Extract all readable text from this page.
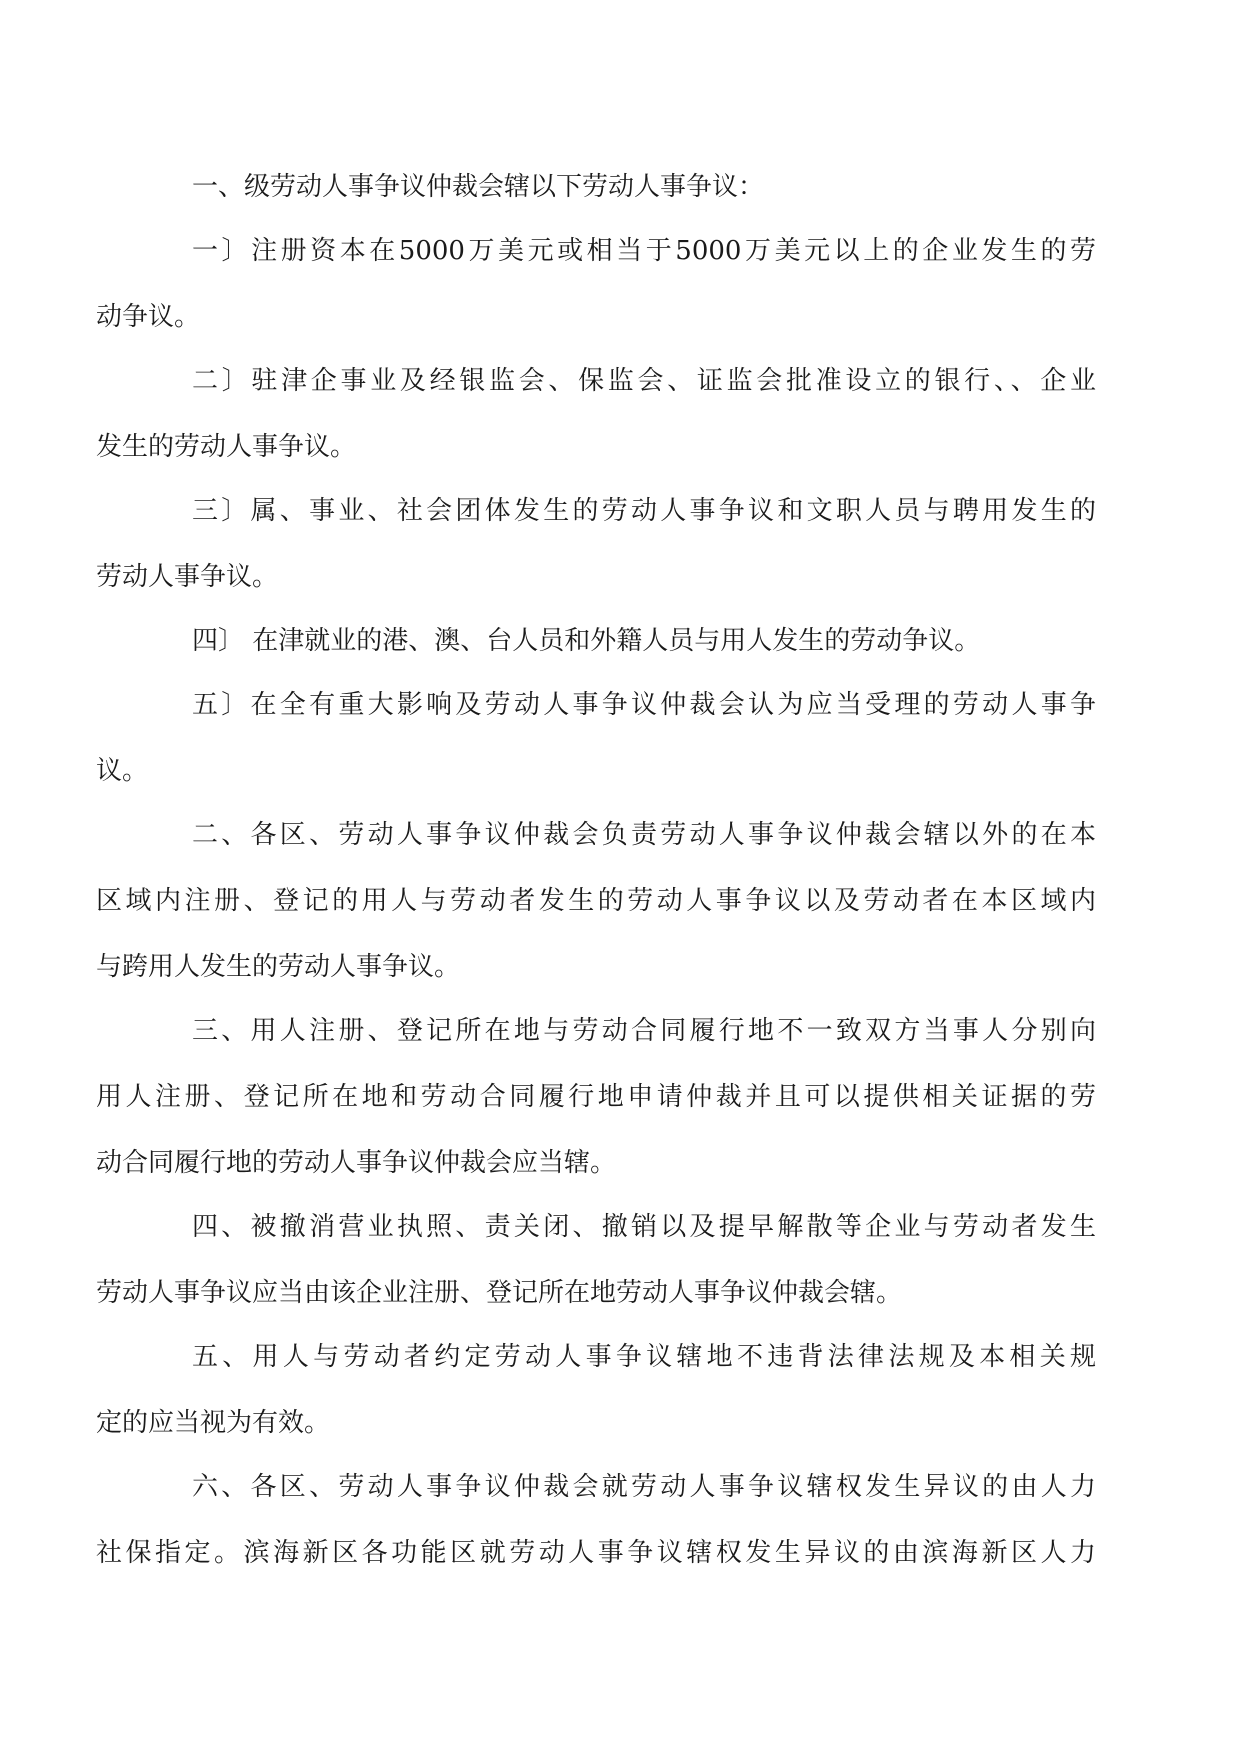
一、级劳动人事争议仲裁会辖以下劳动人事争议：
一〕注册资本在5000万美元或相当于5000万美元以上的企业发生的劳
动争议。
二〕驻津企事业及经银监会、保监会、证监会批准设立的银行、、企业
发生的劳动人事争议。
三〕属、事业、社会团体发生的劳动人事争议和文职人员与聘用发生的
劳动人事争议。
四〕 在津就业的港、澳、台人员和外籍人员与用人发生的劳动争议。
五〕在全有重大影响及劳动人事争议仲裁会认为应当受理的劳动人事争
议。
二、各区、劳动人事争议仲裁会负责劳动人事争议仲裁会辖以外的在本
区域内注册、登记的用人与劳动者发生的劳动人事争议以及劳动者在本区域内
与跨用人发生的劳动人事争议。
三、用人注册、登记所在地与劳动合同履行地不一致双方当事人分别向
用人注册、登记所在地和劳动合同履行地申请仲裁并且可以提供相关证据的劳
动合同履行地的劳动人事争议仲裁会应当辖。
四、被撤消营业执照、责关闭、撤销以及提早解散等企业与劳动者发生
劳动人事争议应当由该企业注册、登记所在地劳动人事争议仲裁会辖。
五、用人与劳动者约定劳动人事争议辖地不违背法律法规及本相关规
定的应当视为有效。
六、各区、劳动人事争议仲裁会就劳动人事争议辖权发生异议的由人力
社保指定。滨海新区各功能区就劳动人事争议辖权发生异议的由滨海新区人力
